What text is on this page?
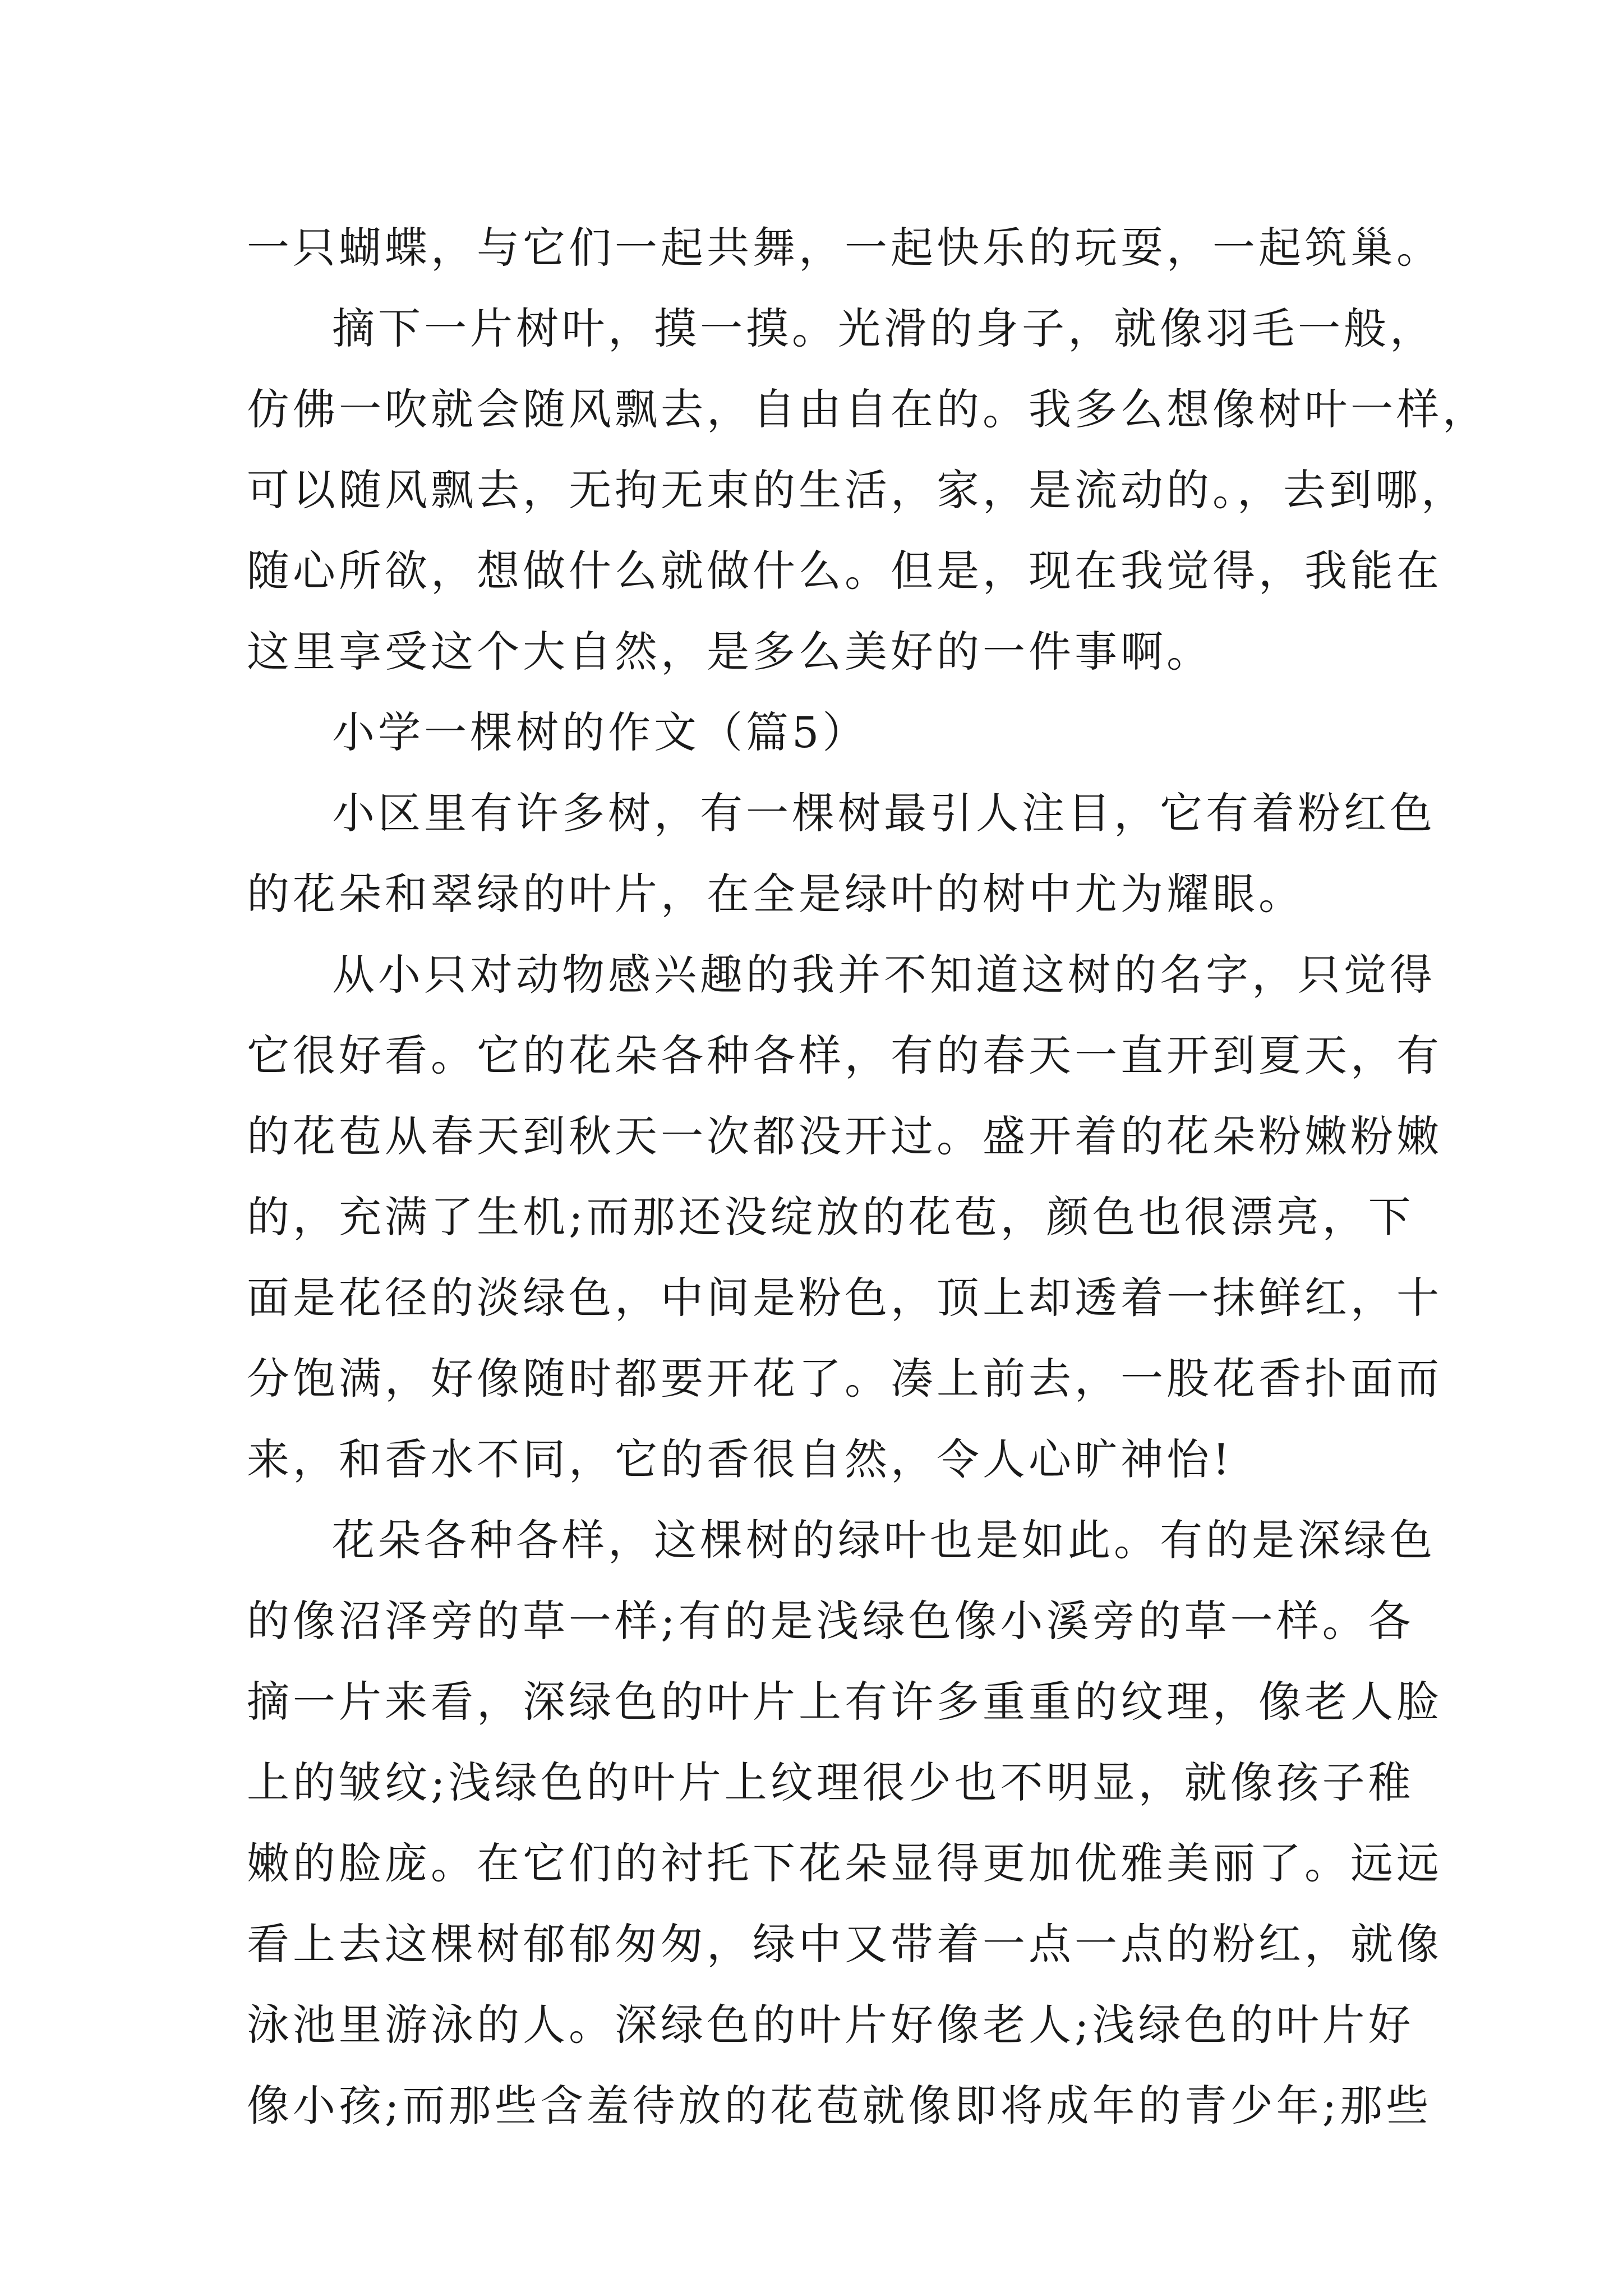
一只蝴蝶，与它们一起共舞，一起快乐的玩耍，一起筑巢。
摘下一片树叶，摸一摸。光滑的身子，就像羽毛一般，
仿佛一吹就会随风飘去，自由自在的。我多么想像树叶一样，
可以随风飘去，无拘无束的生活，家，是流动的。，去到哪，
随心所欲，想做什么就做什么。但是，现在我觉得，我能在
这里享受这个大自然，是多么美好的一件事啊。
小学一棵树的作文（篇5）
小区里有许多树，有一棵树最引人注目，它有着粉红色
的花朵和翠绿的叶片，在全是绿叶的树中尤为耀眼。
从小只对动物感兴趣的我并不知道这树的名字，只觉得
它很好看。它的花朵各种各样，有的春天一直开到夏天，有
的花苞从春天到秋天一次都没开过。盛开着的花朵粉嫩粉嫩
的，充满了生机;而那还没绽放的花苞，颜色也很漂亮，下
面是花径的淡绿色，中间是粉色，顶上却透着一抹鲜红，十
分饱满，好像随时都要开花了。凑上前去，一股花香扑面而
来，和香水不同，它的香很自然，令人心旷神怡!
花朵各种各样，这棵树的绿叶也是如此。有的是深绿色
的像沼泽旁的草一样;有的是浅绿色像小溪旁的草一样。各
摘一片来看，深绿色的叶片上有许多重重的纹理，像老人脸
上的皱纹;浅绿色的叶片上纹理很少也不明显，就像孩子稚
嫩的脸庞。在它们的衬托下花朵显得更加优雅美丽了。远远
看上去这棵树郁郁匆匆，绿中又带着一点一点的粉红，就像
泳池里游泳的人。深绿色的叶片好像老人;浅绿色的叶片好
像小孩;而那些含羞待放的花苞就像即将成年的青少年;那些
